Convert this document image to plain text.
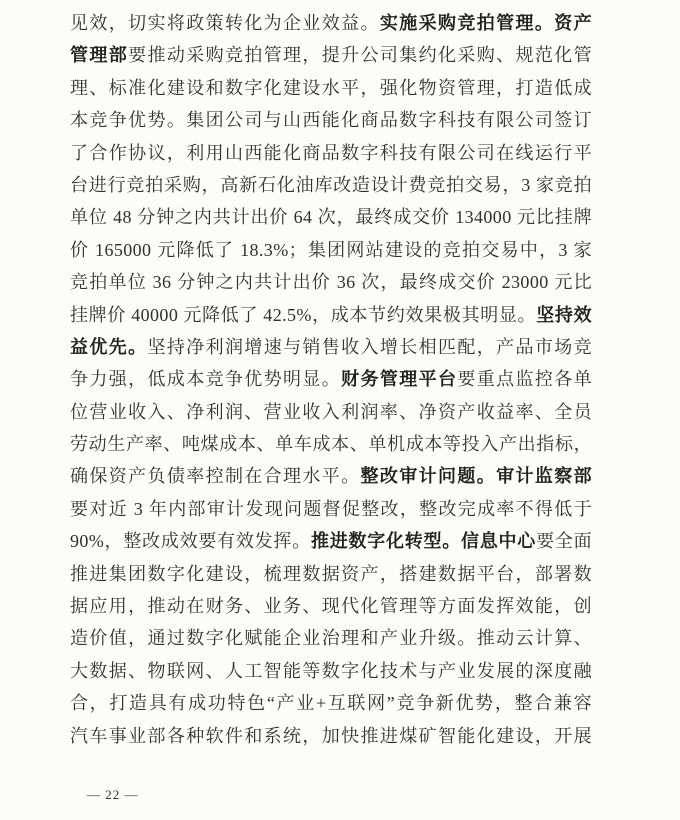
见效，切实将政策转化为企业效益。实施采购竞拍管理。资产
管理部要推动采购竞拍管理，提升公司集约化采购、规范化管
理、标准化建设和数字化建设水平，强化物资管理，打造低成
本竞争优势。集团公司与山西能化商品数字科技有限公司签订
了合作协议，利用山西能化商品数字科技有限公司在线运行平
台进行竞拍采购，高新石化油库改造设计费竞拍交易，3 家竞拍
单位 48 分钟之内共计出价 64 次，最终成交价 134000 元比挂牌
价 165000 元降低了 18.3%；集团网站建设的竞拍交易中，3 家
竞拍单位 36 分钟之内共计出价 36 次，最终成交价 23000 元比
挂牌价 40000 元降低了 42.5%，成本节约效果极其明显。坚持效
益优先。坚持净利润增速与销售收入增长相匹配，产品市场竞
争力强，低成本竞争优势明显。财务管理平台要重点监控各单
位营业收入、净利润、营业收入利润率、净资产收益率、全员
劳动生产率、吨煤成本、单车成本、单机成本等投入产出指标，
确保资产负债率控制在合理水平。整改审计问题。审计监察部
要对近 3 年内部审计发现问题督促整改，整改完成率不得低于
90%，整改成效要有效发挥。推进数字化转型。信息中心要全面
推进集团数字化建设，梳理数据资产，搭建数据平台，部署数
据应用，推动在财务、业务、现代化管理等方面发挥效能，创
造价值，通过数字化赋能企业治理和产业升级。推动云计算、
大数据、物联网、人工智能等数字化技术与产业发展的深度融
合，打造具有成功特色“产业+互联网”竞争新优势，整合兼容
汽车事业部各种软件和系统，加快推进煤矿智能化建设，开展
— 22 —
